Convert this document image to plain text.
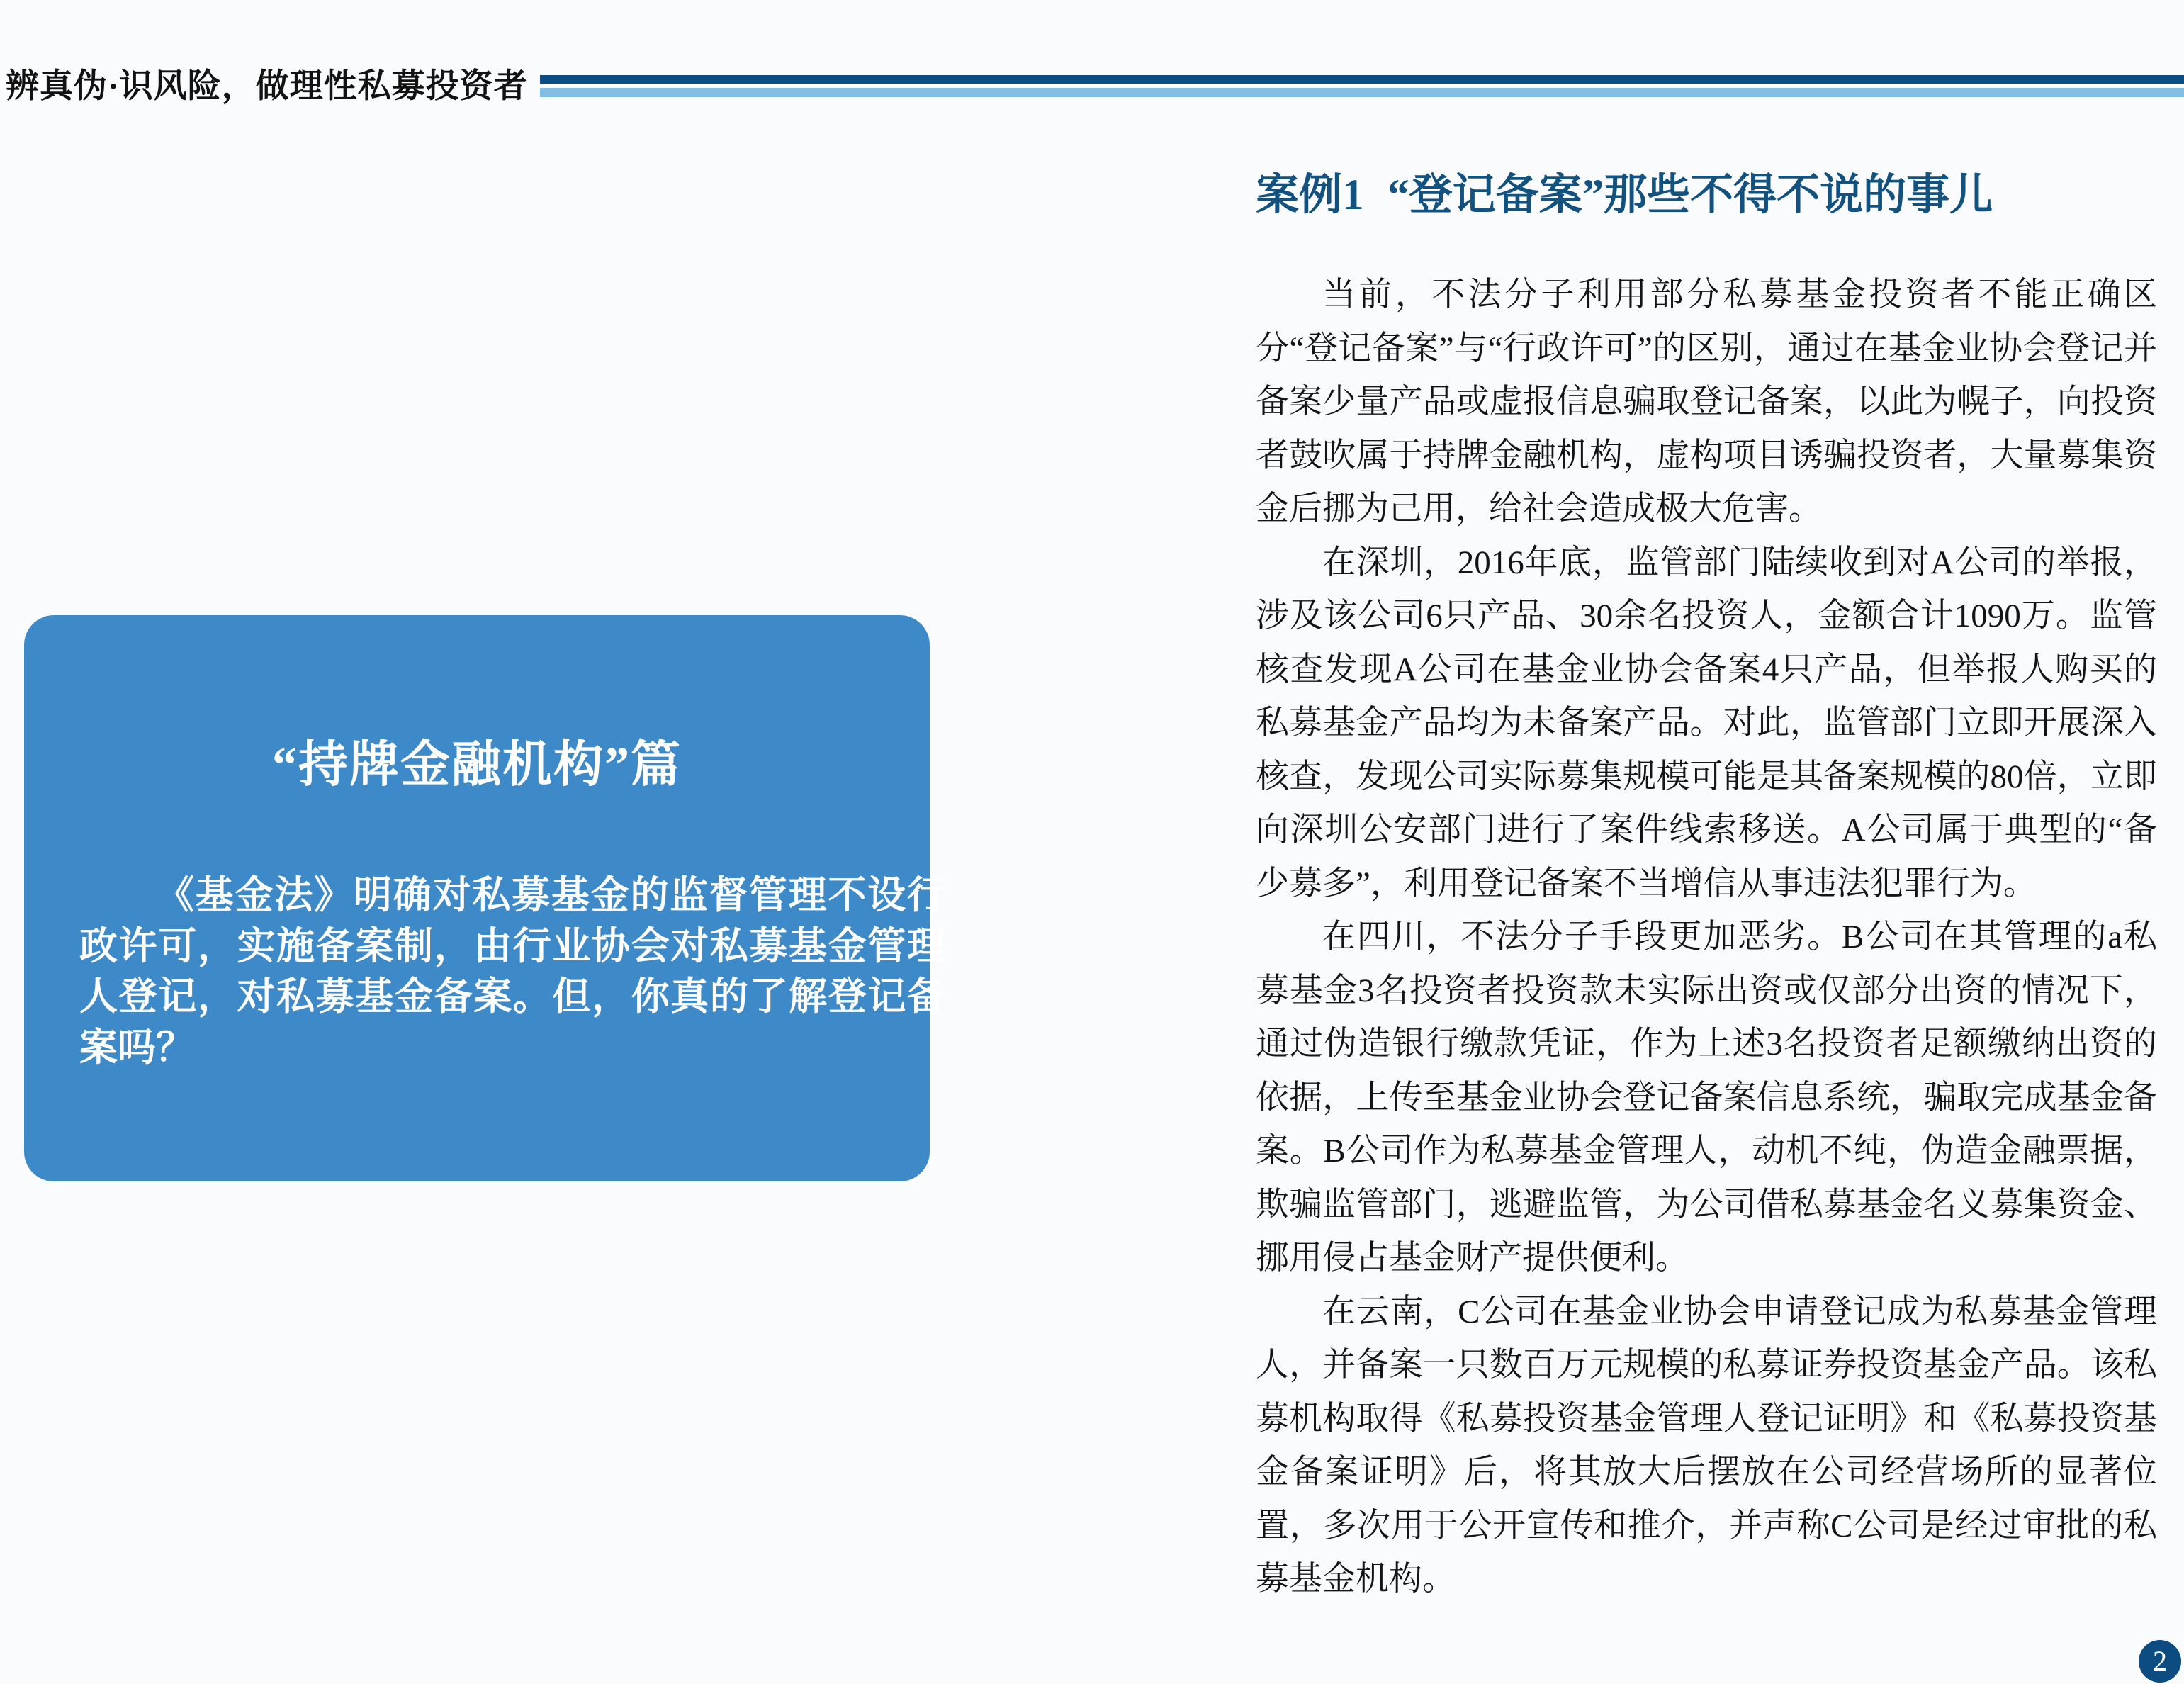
辨真伪·识风险，做理性私募投资者
“持牌金融机构”篇

《基金法》明确对私募基金的监督管理不设行政许可，实施备案制，由行业协会对私募基金管理人登记，对私募基金备案。但，你真的了解登记备案吗？

案例1 “登记备案”那些不得不说的事儿

当前，不法分子利用部分私募基金投资者不能正确区分“登记备案”与“行政许可”的区别，通过在基金业协会登记并备案少量产品或虚报信息骗取登记备案，以此为幌子，向投资者鼓吹属于持牌金融机构，虚构项目诱骗投资者，大量募集资金后挪为己用，给社会造成极大危害。

在深圳，2016年底，监管部门陆续收到对A公司的举报，涉及该公司6只产品、30余名投资人，金额合计1090万。监管核查发现A公司在基金业协会备案4只产品，但举报人购买的私募基金产品均为未备案产品。对此，监管部门立即开展深入核查，发现公司实际募集规模可能是其备案规模的80倍，立即向深圳公安部门进行了案件线索移送。A公司属于典型的“备少募多”，利用登记备案不当增信从事违法犯罪行为。

在四川，不法分子手段更加恶劣。B公司在其管理的a私募基金3名投资者投资款未实际出资或仅部分出资的情况下，通过伪造银行缴款凭证，作为上述3名投资者足额缴纳出资的依据，上传至基金业协会登记备案信息系统，骗取完成基金备案。B公司作为私募基金管理人，动机不纯，伪造金融票据，欺骗监管部门，逃避监管，为公司借私募基金名义募集资金、挪用侵占基金财产提供便利。

在云南，C公司在基金业协会申请登记成为私募基金管理人，并备案一只数百万元规模的私募证券投资基金产品。该私募机构取得《私募投资基金管理人登记证明》和《私募投资基金备案证明》后，将其放大后摆放在公司经营场所的显著位置，多次用于公开宣传和推介，并声称C公司是经过审批的私募基金机构。

2
